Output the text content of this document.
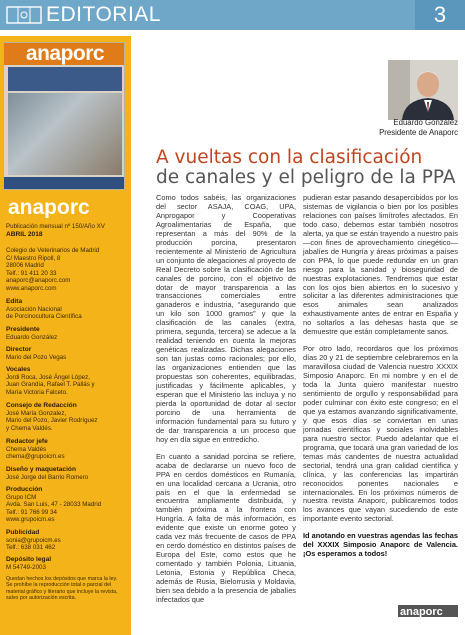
EDITORIAL	3
anaporc
anaporc
Publicación mensual nº 150/Año XV
ABRIL 2018
Colegio de Veterinarios de Madrid
C/ Maestro Ripoll, 8
28006 Madrid
Telf.: 91 411 20 33
anaporc@anaporc.com
www.anaporc.com
Edita
Asociación Nacional
de Porcinocultura Científica
Presidente
Eduardo González
Director
Mario del Pozo Vegas
Vocales
Jordi Roca, José Ángel López,
Juan Grandía, Rafael T. Pallás y
María Victoria Falceto.
Consejo de Redacción
José María Gonzalez,
Mario del Pozo, Javier Rodríguez
y Chema Valdés.
Redactor jefe
Chema Valdés
chema@grupoicm.es
Diseño y maquetación
José Jorge del Barrio Romero
Producción
Grupo ICM
Avda. San Luis, 47 - 28033 Madrid
Telf.: 91 766 99 34
www.grupoicm.es
Publicidad
sonia@grupoicm.es
Telf.: 638 031 462
Depósito legal
M 54749-2003
Quedan hechos los depósitos que marca la ley. Se prohíbe la reproducción total o parcial del material gráfico y literario que incluye la revista, salvo por autorización escrita.
Eduardo González
Presidente de Anaporc
A vueltas con la clasificación
de canales y el peligro de la PPA

Como todos sabéis, las organizaciones del sector ASAJA, COAG, UPA, Anprogapor y Cooperativas Agroalimentarias de España, que representan a más del 90% de la producción porcina, presentaron recientemente al Ministerio de Agricultura un conjunto de alegaciones al proyecto de Real Decreto sobre la clasificación de las canales de porcino, con el objetivo de dotar de mayor transparencia a las transacciones comerciales entre ganaderos e industria, “asegurando que un kilo son 1000 gramos” y que la clasificación de las canales (extra, primera, segunda, tercera) se adecue a la realidad teniendo en cuenta la mejoras genéticas realizadas. Dichas alegaciones son tan justas como racionales; por ello, las organizaciones entienden que las propuestas son coherentes, equilibradas, justificadas y fácilmente aplicables, y esperan que el Ministerio las incluya y no pierda la oportunidad de dotar al sector porcino de una herramienta de información fundamental para su futuro y de dar transparencia a un proceso que hoy en día sigue en entredicho.

En cuanto a sanidad porcina se refiere, acaba de declararse un nuevo foco de PPA en cerdos domésticos en Rumanía, en una localidad cercana a Ucrania, otro país en el que la enfermedad se encuentra ampliamente distribuida, y también próxima a la frontera con Hungría. A falta de más información, es evidente que existe un enorme goteo y cada vez más frecuente de casos de PPA en cerdo doméstico en distintos países de Europa del Este, como estos que he comentado y también Polonia, Lituania, Letonia, Estonia y República Checa, además de Rusia, Bielorrusia y Moldavia, bien sea debido a la presencia de jabalíes infectados que

pudieran estar pasando desapercibidos por los sistemas de vigilancia o bien por los posibles relaciones con países limítrofes afectados. En todo caso, debemos estar también nosotros alerta, ya que se están trayendo a nuestro país —con fines de aprovechamiento cinegético— jabalíes de Hungría y áreas próximas a países con PPA, lo que puede redundar en un gran riesgo para la sanidad y bioseguridad de nuestras explotaciones. Tendremos que estar con los ojos bien abiertos en lo sucesivo y solicitar a las diferentes administraciones que esos animales sean analizados exhaustivamente antes de entrar en España y no soltarlos a las dehesas hasta que se demuestre que están completamente sanos.

Por otro lado, recordaros que los próximos días 20 y 21 de septiembre celebraremos en la maravillosa ciudad de Valencia nuestro XXXIX Simposio Anaporc. En mi nombre y en el de toda la Junta quiero manifestar nuestro sentimiento de orgullo y responsabilidad para poder culminar con éxito este congreso; en el que ya estamos avanzando significativamente, y que esos días se conviertan en unas jornadas científicas y sociales inolvidables para nuestro sector. Puedo adelantar que el programa, que tocará una gran variedad de los temas más candentes de nuestra actualidad sectorial, tendrá una gran calidad científica y clínica, y las conferencias las impartirán reconocidos ponentes nacionales e internacionales. En los próximos números de nuestra revista Anaporc, publicaremos todos los avances que vayan sucediendo de este importante evento sectorial.

Id anotando en vuestras agendas las fechas del XXXIX Simposio Anaporc de Valencia. ¡Os esperamos a todos!

anaporc
